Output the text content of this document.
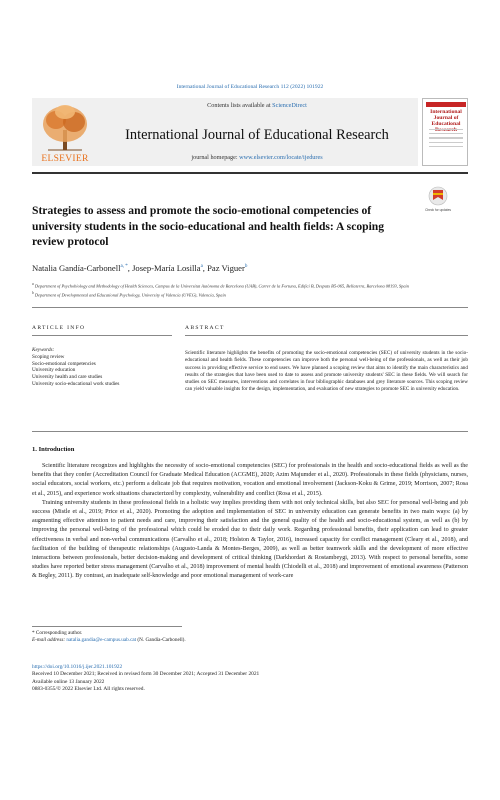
International Journal of Educational Research 112 (2022) 101922
ELSEVIER
Contents lists available at ScienceDirect
International Journal of Educational Research
journal homepage: www.elsevier.com/locate/ijedures
International Journal of Educational
Check for updates
Strategies to assess and promote the socio-emotional competencies of university students in the socio-educational and health fields: A scoping review protocol
Natalia Gandía-Carbonell$^{a, *}$, Josep-María Losilla$^a$, Paz Viguer$^b$
$^a$ Department of Psychobiology and Methodology of Health Sciences, Campus de la Universitat Autònoma de Barcelona (UAB), Carrer de la Fortuna, Edifici B, Despatx B5-065, Bellaterra, Barcelona 08193, Spain
$^b$ Department of Developmental and Educational Psychology, University of Valencia (UVEG), Valencia, Spain
ARTICLE INFO	ABSTRACT
Keywords:
Scoping review
Socio-emotional competencies
University education
University health and care studies
University socio-educational work studies
Scientific literature highlights the benefits of promoting the socio-emotional competencies (SEC) of university students in the socio-educational and health fields. These competencies can improve both the personal well-being of the professionals, as well as their job success in providing effective service to end users. We have planned a scoping review that aims to identify the main characteristics and results of the strategies that have been used to date to assess and promote university students' SEC in these fields. We will search for studies on SEC measures, interventions and correlates in four bibliographic databases and grey literature sources. This scoping review can yield valuable insights for the design, implementation, and evaluation of new strategies to promote SEC in university education.
1. Introduction

Scientific literature recognizes and highlights the necessity of socio-emotional competencies (SEC) for professionals in the health and socio-educational fields as well as the benefits that they confer (Accreditation Council for Graduate Medical Education (ACGME), 2020; Azim Majumder et al., 2020). Professionals in these fields (physicians, nurses, social educators, social workers, etc.) perform a delicate job that requires motivation, vocation and emotional involvement (Jackson-Koku & Grime, 2019; Morrison, 2007; Rosa et al., 2015), and experience work situations characterized by complexity, vulnerability and conflict (Rosa et al., 2015).

Training university students in these professional fields in a holistic way implies providing them with not only technical skills, but also SEC for personal well-being and job success (Mistle et al., 2019; Price et al., 2020). Promoting the adoption and implementation of SEC in university education can generate benefits in two main ways: (a) by augmenting effective attention to patient needs and care, improving their satisfaction and the general quality of the health and socio-educational system, as well as (b) by improving the personal well-being of the professional which could be eroded due to their daily work. Regarding professional benefits, their application can lead to greater effectiveness in verbal and non-verbal communications (Carvalho et al., 2018; Holston & Taylor, 2016), increased capacity for conflict management (Cleary et al., 2018), and facilitation of the building of therapeutic relationships (Augusto-Landa & Montes-Berges, 2009), as well as better teamwork skills and the development of more effective interactions between professionals, better decision-making and development of critical thinking (Darkhordari & Rostambeygi, 2013). With respect to personal benefits, some studies have reported better stress management (Carvalho et al., 2018) improvement of mental health (Chiodelli et al., 2018) and improvement of emotional awareness (Patterson & Begley, 2011). By contrast, an inadequate self-knowledge and poor emotional management of work-care

* Corresponding author.
E-mail address: natalia.gandia@e-campus.uab.cat (N. Gandía-Carbonell).
https://doi.org/10.1016/j.ijer.2021.101922
Received 10 December 2021; Received in revised form 30 December 2021; Accepted 31 December 2021
Available online 13 January 2022
0883-0355/© 2022 Elsevier Ltd. All rights reserved.
